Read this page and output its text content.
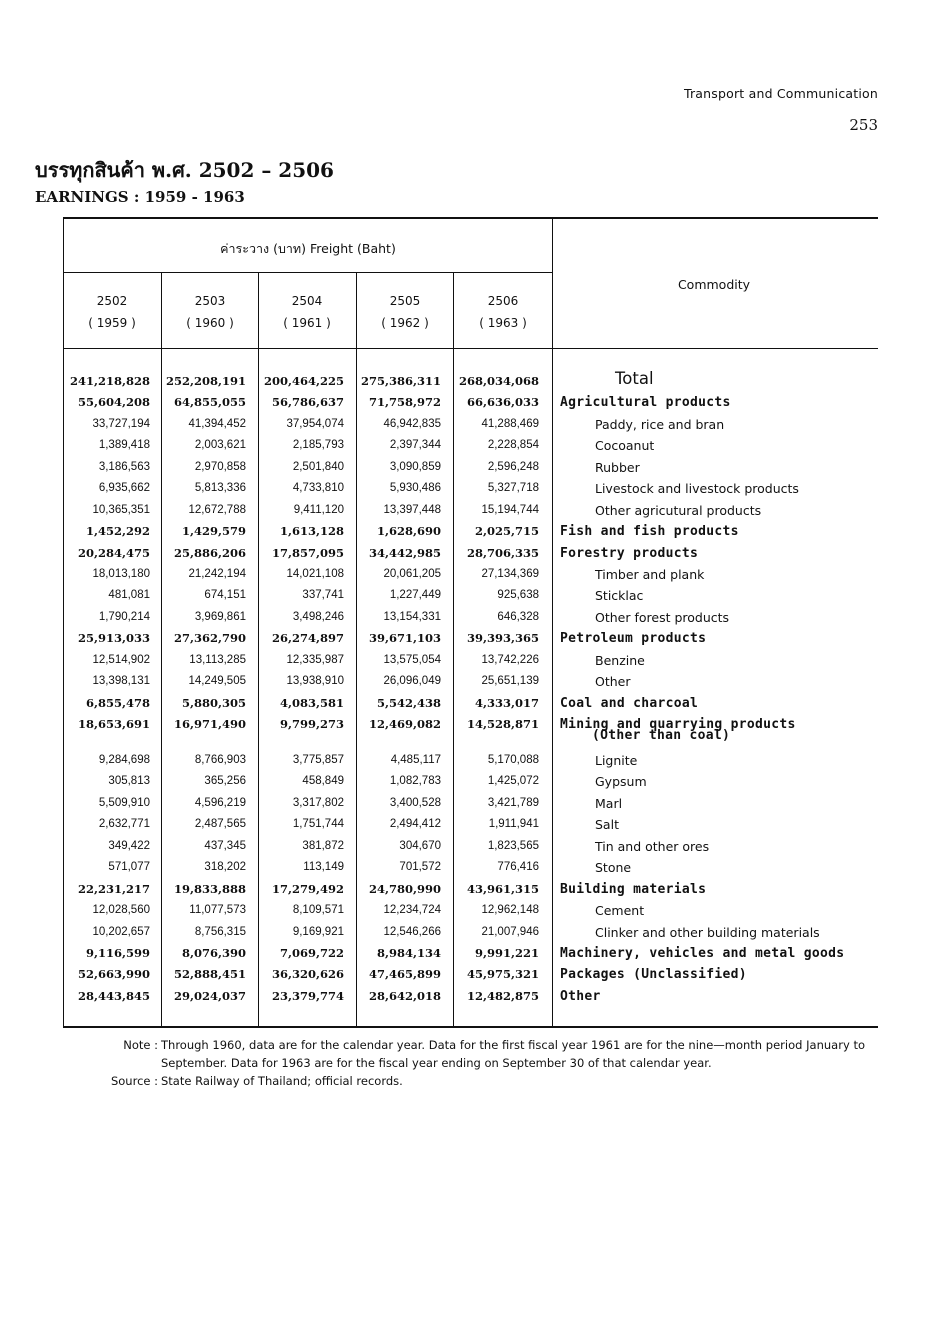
Transport and Communication
253
บรรทุกสินค้า พ.ศ. 2502 – 2506
EARNINGS : 1959 - 1963
ค่าระวาง (บาท) Freight (Baht)
Commodity
2502
( 1959 )
2503
( 1960 )
2504
( 1961 )
2505
( 1962 )
2506
( 1963 )
241,218,828	252,208,191	200,464,225	275,386,311	268,034,068	Total
55,604,208	64,855,055	56,786,637	71,758,972	66,636,033 Agricultural products
33,727,194	41,394,452	37,954,074	46,942,835	41,288,469	Paddy, rice and bran
1,389,418	2,003,621	2,185,793	2,397,344	2,228,854	Cocoanut
3,186,563	2,970,858	2,501,840	3,090,859	2,596,248	Rubber
6,935,662	5,813,336	4,733,810	5,930,486	5,327,718	Livestock and livestock products
10,365,351	12,672,788	9,411,120	13,397,448	15,194,744	Other agricutural products
1,452,292	1,429,579	1,613,128	1,628,690	2,025,715 Fish and fish products
20,284,475	25,886,206	17,857,095	34,442,985	28,706,335 Forestry products
18,013,180	21,242,194	14,021,108	20,061,205	27,134,369	Timber and plank
481,081	674,151	337,741	1,227,449	925,638	Sticklac
1,790,214	3,969,861	3,498,246	13,154,331	646,328	Other forest products
25,913,033	27,362,790	26,274,897	39,671,103	39,393,365 Petroleum products
12,514,902	13,113,285	12,335,987	13,575,054	13,742,226	Benzine
13,398,131	14,249,505	13,938,910	26,096,049	25,651,139	Other
6,855,478	5,880,305	4,083,581	5,542,438	4,333,017 Coal and charcoal
18,653,691	16,971,490	9,799,273	12,469,082	14,528,871 Mining and quarrying products
(Other than coal)
9,284,698	8,766,903	3,775,857	4,485,117	5,170,088	Lignite
305,813	365,256	458,849	1,082,783	1,425,072	Gypsum
5,509,910	4,596,219	3,317,802	3,400,528	3,421,789	Marl
2,632,771	2,487,565	1,751,744	2,494,412	1,911,941	Salt
349,422	437,345	381,872	304,670	1,823,565	Tin and other ores
571,077	318,202	113,149	701,572	776,416	Stone
22,231,217	19,833,888	17,279,492	24,780,990	43,961,315 Building materials
12,028,560	11,077,573	8,109,571	12,234,724	12,962,148	Cement
10,202,657	8,756,315	9,169,921	12,546,266	21,007,946	Clinker and other building materials
9,116,599	8,076,390	7,069,722	8,984,134	9,991,221 Machinery, vehicles and metal goods
52,663,990	52,888,451	36,320,626	47,465,899	45,975,321 Packages (Unclassified)
28,443,845	29,024,037	23,379,774	28,642,018	12,482,875 Other
Note : Through 1960, data are for the calendar year. Data for the first fiscal year 1961 are for the nine—month period January to September. Data for 1963 are for the fiscal year ending on September 30 of that calendar year.
Source : State Railway of Thailand; official records.
